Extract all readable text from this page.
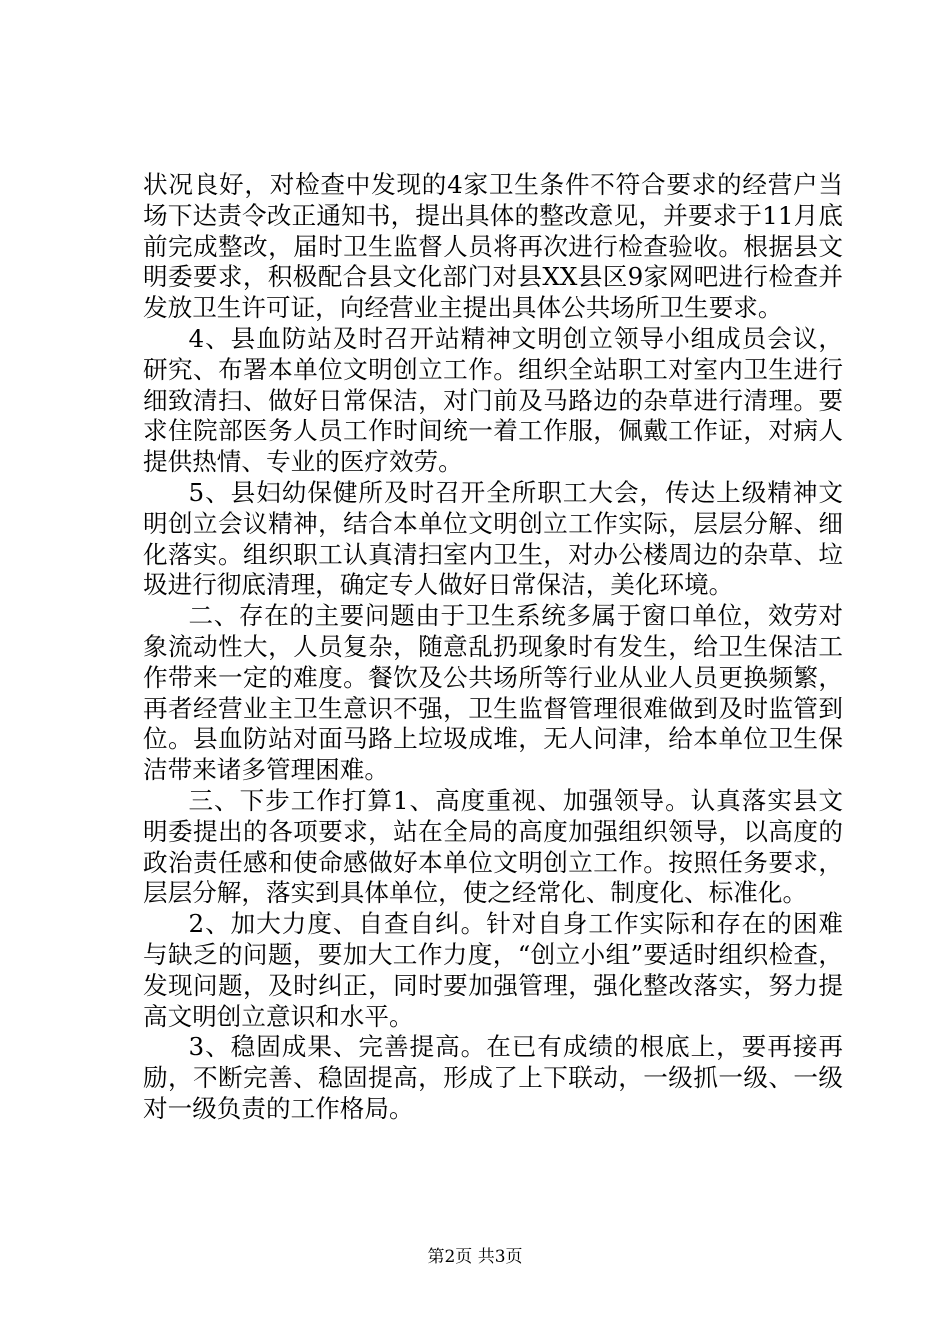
状况良好，对检查中发现的4家卫生条件不符合要求的经营户当场下达责令改正通知书，提出具体的整改意见，并要求于11月底前完成整改，届时卫生监督人员将再次进行检查验收。根据县文明委要求，积极配合县文化部门对县XX县区9家网吧进行检查并发放卫生许可证，向经营业主提出具体公共场所卫生要求。

4、县血防站及时召开站精神文明创立领导小组成员会议，研究、布署本单位文明创立工作。组织全站职工对室内卫生进行细致清扫、做好日常保洁，对门前及马路边的杂草进行清理。要求住院部医务人员工作时间统一着工作服，佩戴工作证，对病人提供热情、专业的医疗效劳。

5、县妇幼保健所及时召开全所职工大会，传达上级精神文明创立会议精神，结合本单位文明创立工作实际，层层分解、细化落实。组织职工认真清扫室内卫生，对办公楼周边的杂草、垃圾进行彻底清理，确定专人做好日常保洁，美化环境。

二、存在的主要问题由于卫生系统多属于窗口单位，效劳对象流动性大，人员复杂，随意乱扔现象时有发生，给卫生保洁工作带来一定的难度。餐饮及公共场所等行业从业人员更换频繁，再者经营业主卫生意识不强，卫生监督管理很难做到及时监管到位。县血防站对面马路上垃圾成堆，无人问津，给本单位卫生保洁带来诸多管理困难。

三、下步工作打算1、高度重视、加强领导。认真落实县文明委提出的各项要求，站在全局的高度加强组织领导，以高度的政治责任感和使命感做好本单位文明创立工作。按照任务要求，层层分解，落实到具体单位，使之经常化、制度化、标准化。

2、加大力度、自查自纠。针对自身工作实际和存在的困难与缺乏的问题，要加大工作力度，“创立小组”要适时组织检查，发现问题，及时纠正，同时要加强管理，强化整改落实，努力提高文明创立意识和水平。

3、稳固成果、完善提高。在已有成绩的根底上，要再接再励，不断完善、稳固提高，形成了上下联动，一级抓一级、一级对一级负责的工作格局。

第2页 共3页
